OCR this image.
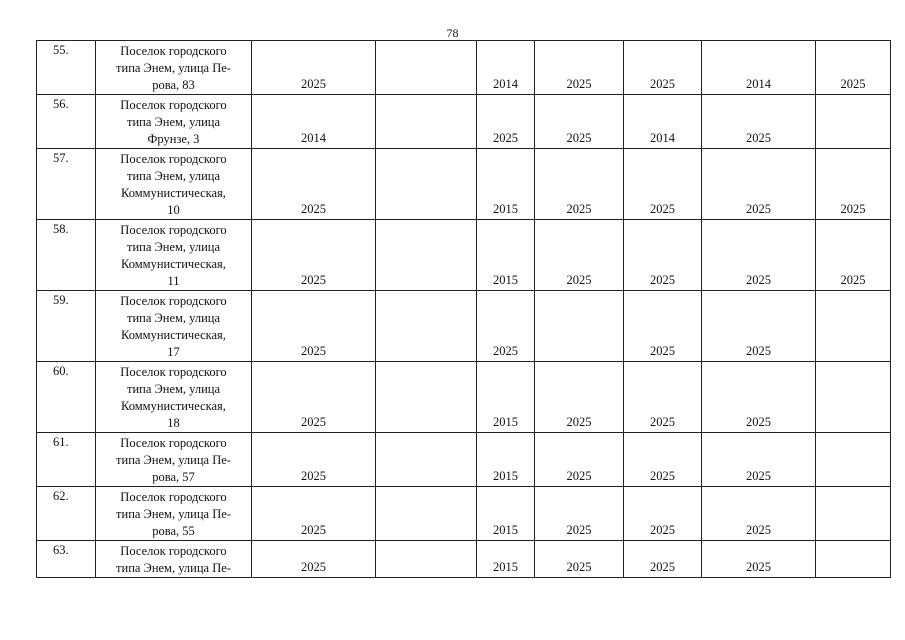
78
55.	Поселок городского
типа Энем, улица Пе-
рова, 83	2025		2014	2025	2025	2014	2025
56.	Поселок городского
типа Энем, улица
Фрунзе, 3	2014		2025	2025	2014	2025	
57.	Поселок городского
типа Энем, улица
Коммунистическая,
10	2025		2015	2025	2025	2025	2025
58.	Поселок городского
типа Энем, улица
Коммунистическая,
11	2025		2015	2025	2025	2025	2025
59.	Поселок городского
типа Энем, улица
Коммунистическая,
17	2025		2025		2025	2025	
60.	Поселок городского
типа Энем, улица
Коммунистическая,
18	2025		2015	2025	2025	2025	
61.	Поселок городского
типа Энем, улица Пе-
рова, 57	2025		2015	2025	2025	2025	
62.	Поселок городского
типа Энем, улица Пе-
рова, 55	2025		2015	2025	2025	2025	
63.	Поселок городского
типа Энем, улица Пе-	2025		2015	2025	2025	2025	
